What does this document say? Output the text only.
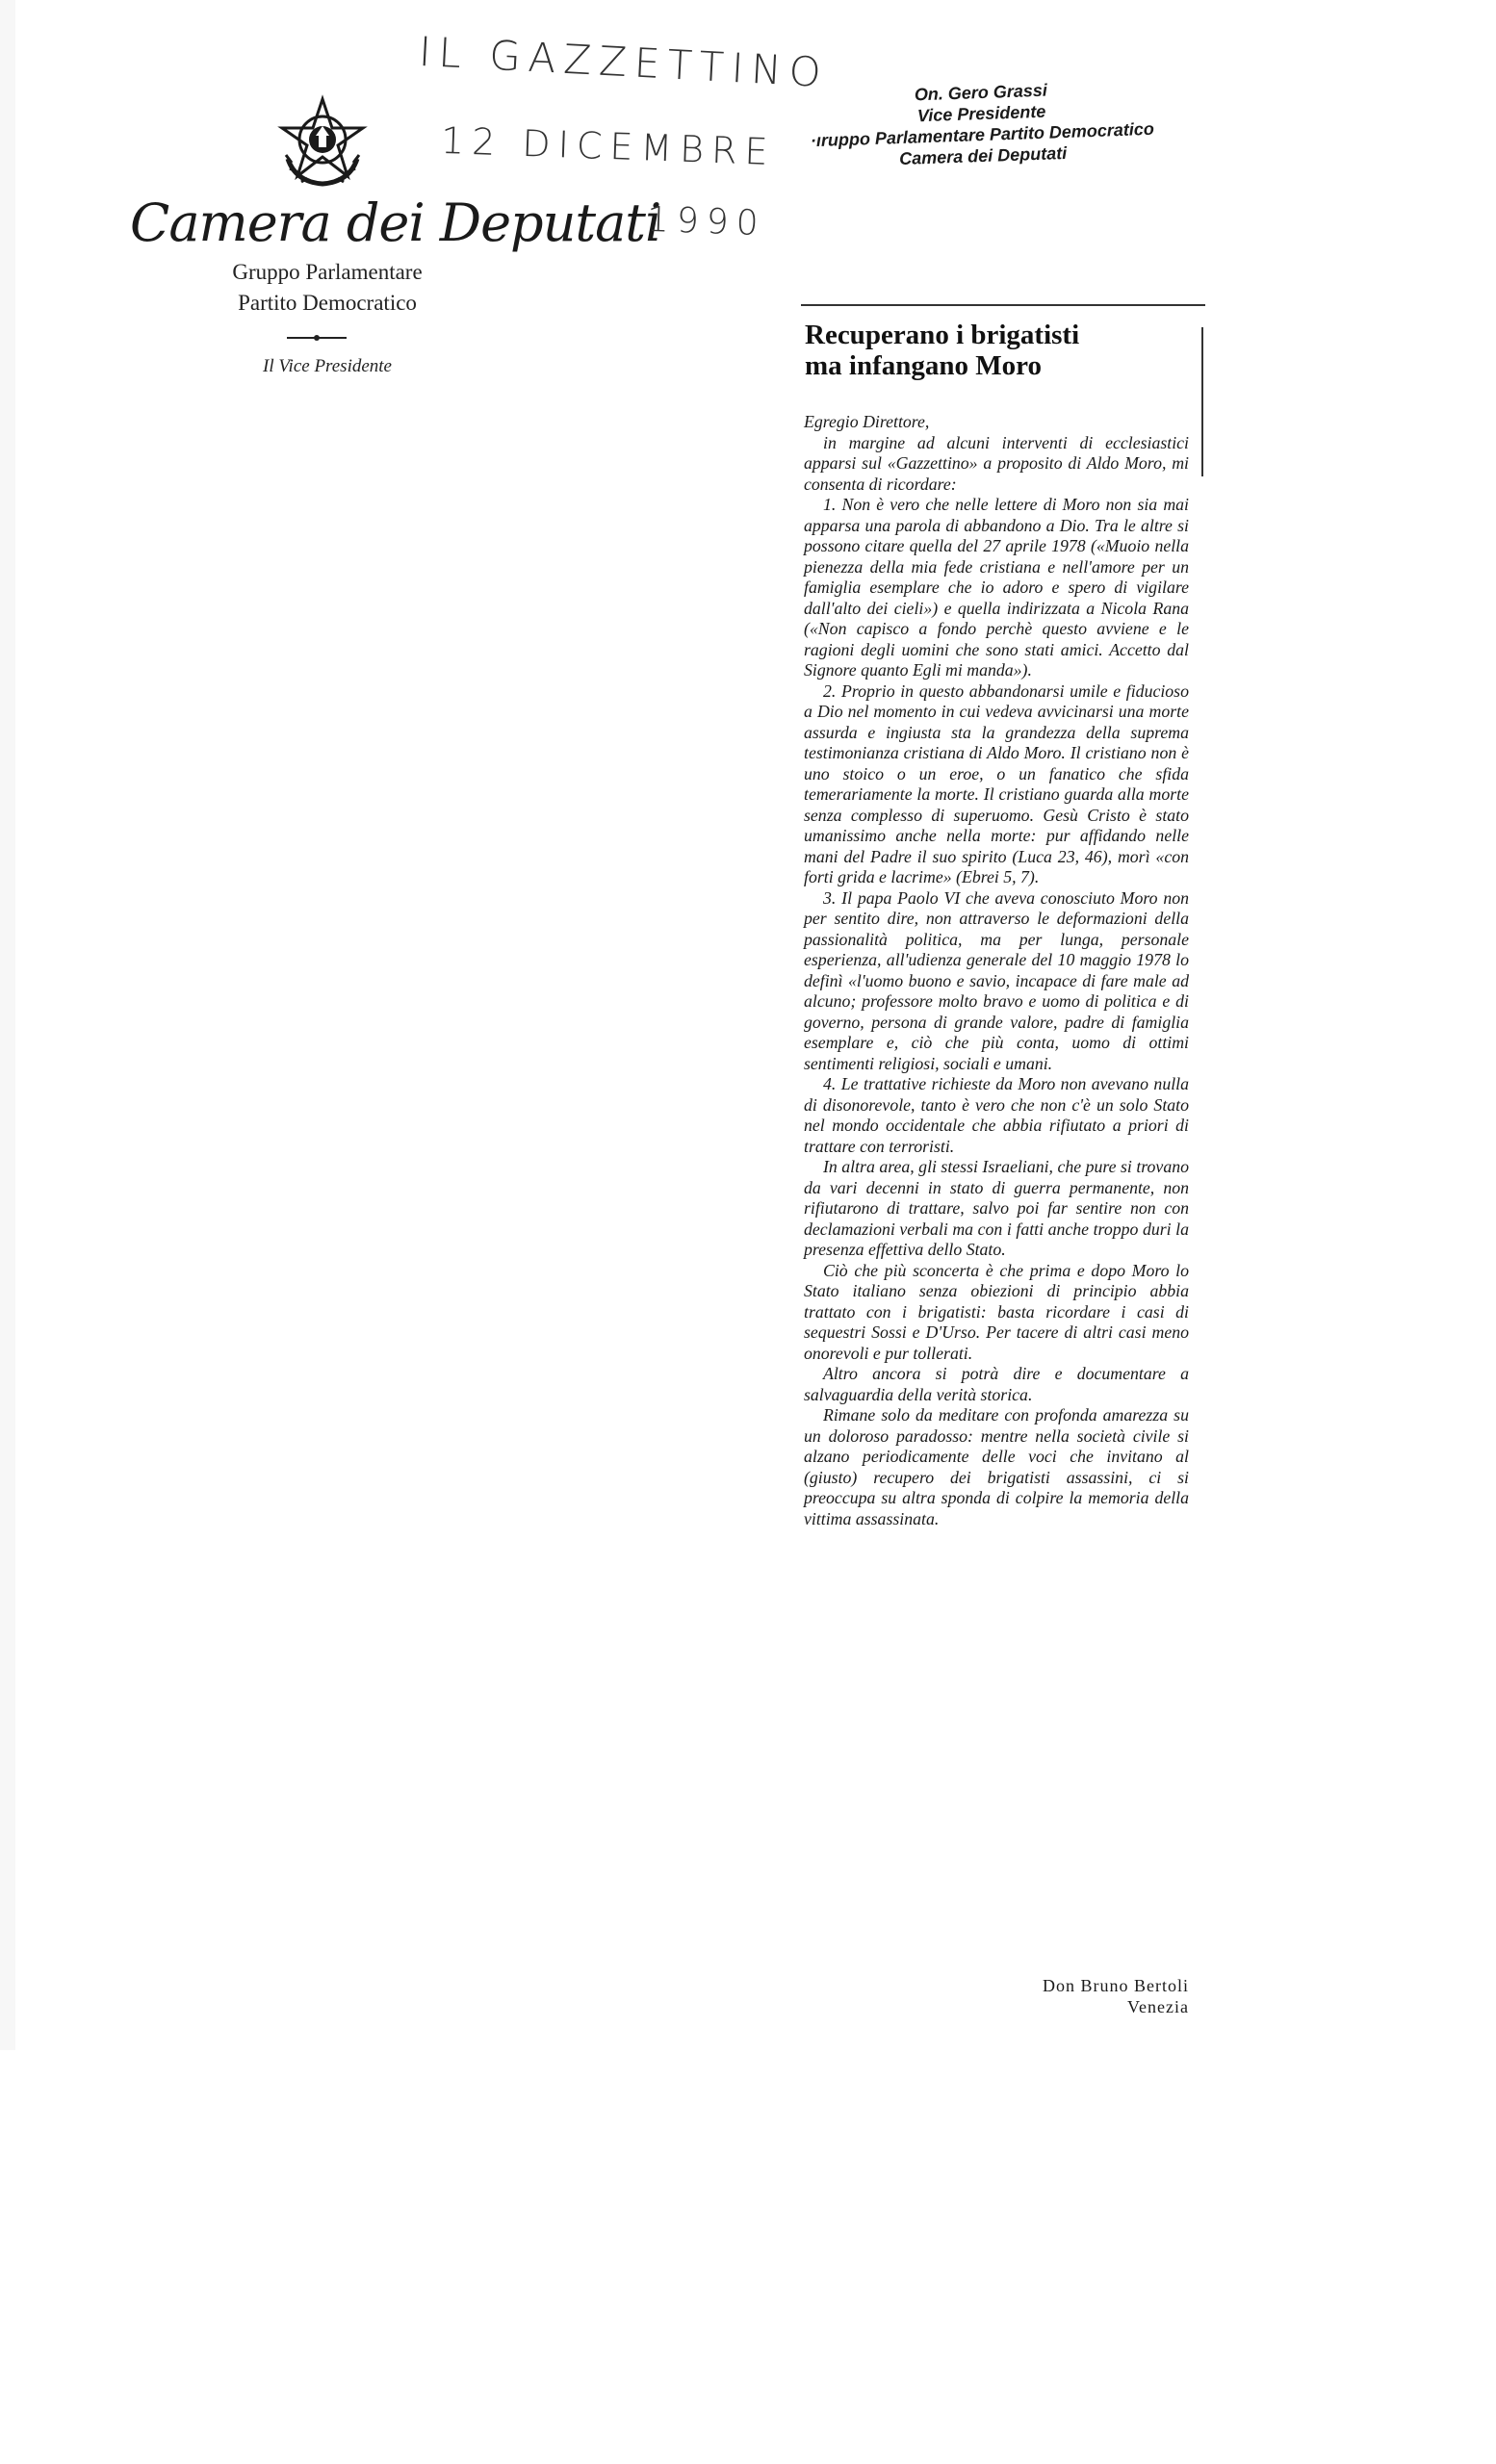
Camera dei Deputati
Gruppo Parlamentare
Partito Democratico
Il Vice Presidente
IL GAZZETTINO
12 DICEMBRE
1990
On. Gero Grassi
Vice Presidente
·ıruppo Parlamentare Partito Democratico
Camera dei Deputati
Recuperano i brigatisti
ma infangano Moro

Egregio Direttore,

in margine ad alcuni interventi di ecclesiastici apparsi sul «Gazzettino» a proposito di Aldo Moro, mi consenta di ricordare:

1. Non è vero che nelle lettere di Moro non sia mai apparsa una parola di abbandono a Dio. Tra le altre si possono citare quella del 27 aprile 1978 («Muoio nella pienezza della mia fede cristiana e nell'amore per un famiglia esemplare che io adoro e spero di vigilare dall'alto dei cieli») e quella indirizzata a Nicola Rana («Non capisco a fondo perchè questo avviene e le ragioni degli uomini che sono stati amici. Accetto dal Signore quanto Egli mi manda»).

2. Proprio in questo abbandonarsi umile e fiducioso a Dio nel momento in cui vedeva avvicinarsi una morte assurda e ingiusta sta la grandezza della suprema testimonianza cristiana di Aldo Moro. Il cristiano non è uno stoico o un eroe, o un fanatico che sfida temerariamente la morte. Il cristiano guarda alla morte senza complesso di superuomo. Gesù Cristo è stato umanissimo anche nella morte: pur affidando nelle mani del Padre il suo spirito (Luca 23, 46), morì «con forti grida e lacrime» (Ebrei 5, 7).

3. Il papa Paolo VI che aveva conosciuto Moro non per sentito dire, non attraverso le deformazioni della passionalità politica, ma per lunga, personale esperienza, all'udienza generale del 10 maggio 1978 lo definì «l'uomo buono e savio, incapace di fare male ad alcuno; professore molto bravo e uomo di politica e di governo, persona di grande valore, padre di famiglia esemplare e, ciò che più conta, uomo di ottimi sentimenti religiosi, sociali e umani.

4. Le trattative richieste da Moro non avevano nulla di disonorevole, tanto è vero che non c'è un solo Stato nel mondo occidentale che abbia rifiutato a priori di trattare con terroristi.

In altra area, gli stessi Israeliani, che pure si trovano da vari decenni in stato di guerra permanente, non rifiutarono di trattare, salvo poi far sentire non con declamazioni verbali ma con i fatti anche troppo duri la presenza effettiva dello Stato.

Ciò che più sconcerta è che prima e dopo Moro lo Stato italiano senza obiezioni di principio abbia trattato con i brigatisti: basta ricordare i casi di sequestri Sossi e D'Urso. Per tacere di altri casi meno onorevoli e pur tollerati.

Altro ancora si potrà dire e documentare a salvaguardia della verità storica.

Rimane solo da meditare con profonda amarezza su un doloroso paradosso: mentre nella società civile si alzano periodicamente delle voci che invitano al (giusto) recupero dei brigatisti assassini, ci si preoccupa su altra sponda di colpire la memoria della vittima assassinata.

Don Bruno Bertoli
Venezia
